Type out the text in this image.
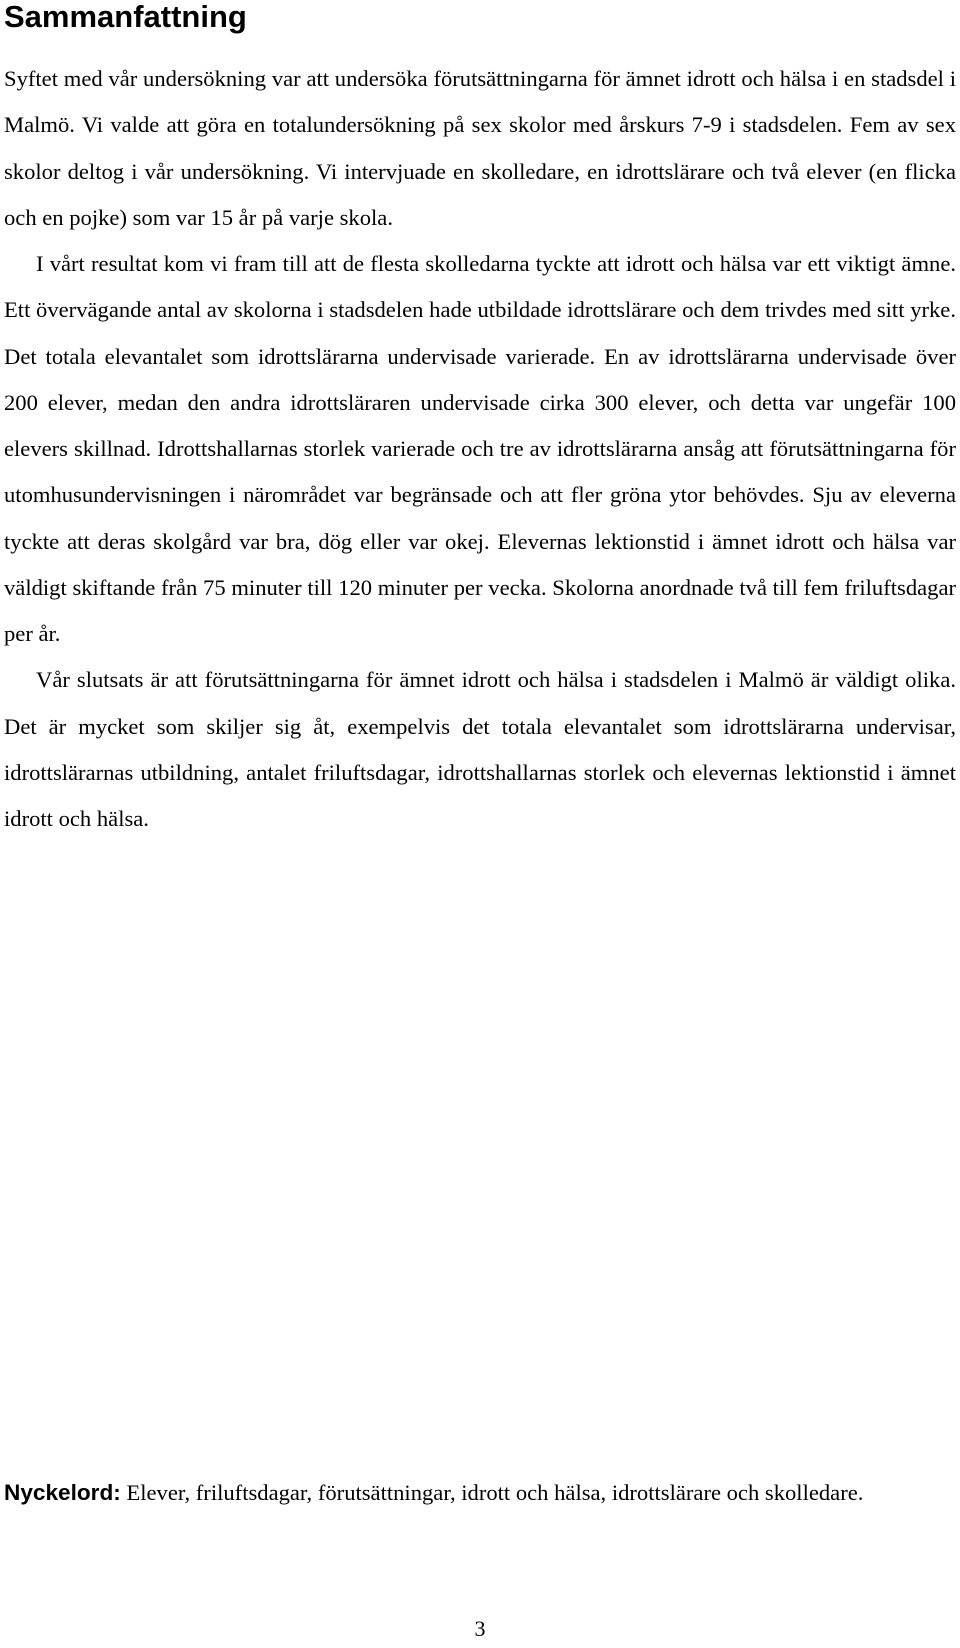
Sammanfattning

Syftet med vår undersökning var att undersöka förutsättningarna för ämnet idrott och hälsa i en stadsdel i Malmö. Vi valde att göra en totalundersökning på sex skolor med årskurs 7-9 i stadsdelen. Fem av sex skolor deltog i vår undersökning. Vi intervjuade en skolledare, en idrottslärare och två elever (en flicka och en pojke) som var 15 år på varje skola.

I vårt resultat kom vi fram till att de flesta skolledarna tyckte att idrott och hälsa var ett viktigt ämne. Ett övervägande antal av skolorna i stadsdelen hade utbildade idrottslärare och dem trivdes med sitt yrke. Det totala elevantalet som idrottslärarna undervisade varierade. En av idrottslärarna undervisade över 200 elever, medan den andra idrottsläraren undervisade cirka 300 elever, och detta var ungefär 100 elevers skillnad. Idrottshallarnas storlek varierade och tre av idrottslärarna ansåg att förutsättningarna för utomhusundervisningen i närområdet var begränsade och att fler gröna ytor behövdes. Sju av eleverna tyckte att deras skolgård var bra, dög eller var okej. Elevernas lektionstid i ämnet idrott och hälsa var väldigt skiftande från 75 minuter till 120 minuter per vecka. Skolorna anordnade två till fem friluftsdagar per år.

Vår slutsats är att förutsättningarna för ämnet idrott och hälsa i stadsdelen i Malmö är väldigt olika. Det är mycket som skiljer sig åt, exempelvis det totala elevantalet som idrottslärarna undervisar, idrottslärarnas utbildning, antalet friluftsdagar, idrottshallarnas storlek och elevernas lektionstid i ämnet idrott och hälsa.

Nyckelord: Elever, friluftsdagar, förutsättningar, idrott och hälsa, idrottslärare och skolledare.

3
